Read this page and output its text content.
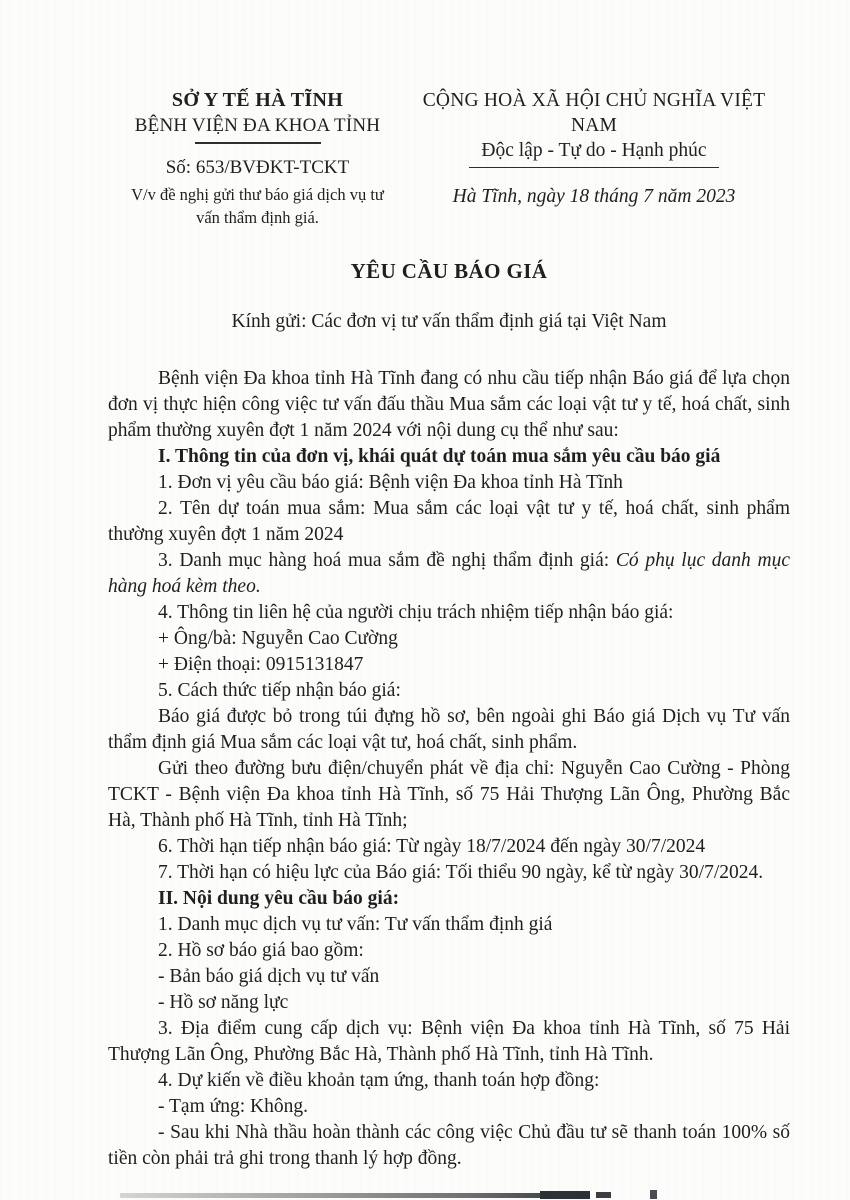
SỞ Y TẾ HÀ TĨNH
BỆNH VIỆN ĐA KHOA TỈNH
Số: 653/BVĐKT-TCKT
V/v đề nghị gửi thư báo giá dịch vụ tư vấn thẩm định giá.
CỘNG HOÀ XÃ HỘI CHỦ NGHĨA VIỆT NAM
Độc lập - Tự do - Hạnh phúc
Hà Tĩnh, ngày 18 tháng 7 năm 2023

YÊU CẦU BÁO GIÁ

Kính gửi: Các đơn vị tư vấn thẩm định giá tại Việt Nam

Bệnh viện Đa khoa tỉnh Hà Tĩnh đang có nhu cầu tiếp nhận Báo giá để lựa chọn đơn vị thực hiện công việc tư vấn đấu thầu Mua sắm các loại vật tư y tế, hoá chất, sinh phẩm thường xuyên đợt 1 năm 2024 với nội dung cụ thể như sau:

I. Thông tin của đơn vị, khái quát dự toán mua sắm yêu cầu báo giá

1. Đơn vị yêu cầu báo giá: Bệnh viện Đa khoa tỉnh Hà Tĩnh

2. Tên dự toán mua sắm: Mua sắm các loại vật tư y tế, hoá chất, sinh phẩm thường xuyên đợt 1 năm 2024

3. Danh mục hàng hoá mua sắm đề nghị thẩm định giá: Có phụ lục danh mục hàng hoá kèm theo.

4. Thông tin liên hệ của người chịu trách nhiệm tiếp nhận báo giá:

+ Ông/bà: Nguyễn Cao Cường

+ Điện thoại: 0915131847

5. Cách thức tiếp nhận báo giá:

Báo giá được bỏ trong túi đựng hồ sơ, bên ngoài ghi Báo giá Dịch vụ Tư vấn thẩm định giá Mua sắm các loại vật tư, hoá chất, sinh phẩm.

Gửi theo đường bưu điện/chuyển phát về địa chỉ: Nguyễn Cao Cường - Phòng TCKT - Bệnh viện Đa khoa tỉnh Hà Tĩnh, số 75 Hải Thượng Lãn Ông, Phường Bắc Hà, Thành phố Hà Tĩnh, tỉnh Hà Tĩnh;

6. Thời hạn tiếp nhận báo giá: Từ ngày 18/7/2024 đến ngày 30/7/2024

7. Thời hạn có hiệu lực của Báo giá: Tối thiểu 90 ngày, kể từ ngày 30/7/2024.

II. Nội dung yêu cầu báo giá:

1. Danh mục dịch vụ tư vấn: Tư vấn thẩm định giá

2. Hồ sơ báo giá bao gồm:

- Bản báo giá dịch vụ tư vấn

- Hồ sơ năng lực

3. Địa điểm cung cấp dịch vụ: Bệnh viện Đa khoa tỉnh Hà Tĩnh, số 75 Hải Thượng Lãn Ông, Phường Bắc Hà, Thành phố Hà Tĩnh, tỉnh Hà Tĩnh.

4. Dự kiến về điều khoản tạm ứng, thanh toán hợp đồng:

- Tạm ứng: Không.

- Sau khi Nhà thầu hoàn thành các công việc Chủ đầu tư sẽ thanh toán 100% số tiền còn phải trả ghi trong thanh lý hợp đồng.
